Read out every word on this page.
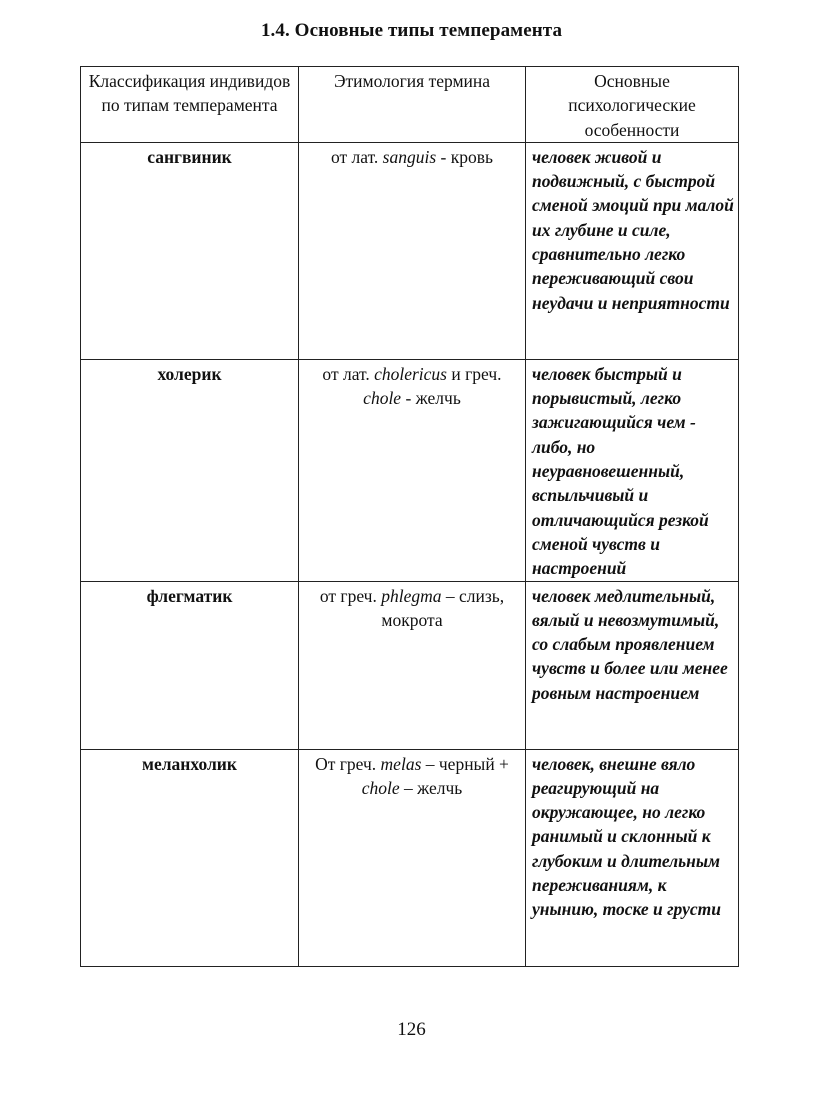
1.4. Основные типы темперамента
Классификация индивидов по типам темперамента	Этимология термина	Основные психологические особенности
сангвиник	от лат. sanguis - кровь	человек живой и подвижный, с быстрой сменой эмоций при малой их глубине и силе, сравнительно легко переживающий свои неудачи и неприятности
холерик	от лат. cholericus и греч. chole - желчь	человек быстрый и порывистый, легко зажигающийся чем - либо, но неуравновешенный, вспыльчивый и отличающийся резкой сменой чувств и настроений
флегматик	от греч. phlegma – слизь, мокрота	человек медлительный, вялый и невозмутимый, со слабым проявлением чувств и более или менее ровным настроением
меланхолик	От греч. melas – черный + chole – желчь	человек, внешне вяло реагирующий на окружающее, но легко ранимый и склонный к глубоким и длительным переживаниям, к унынию, тоске и грусти
126
